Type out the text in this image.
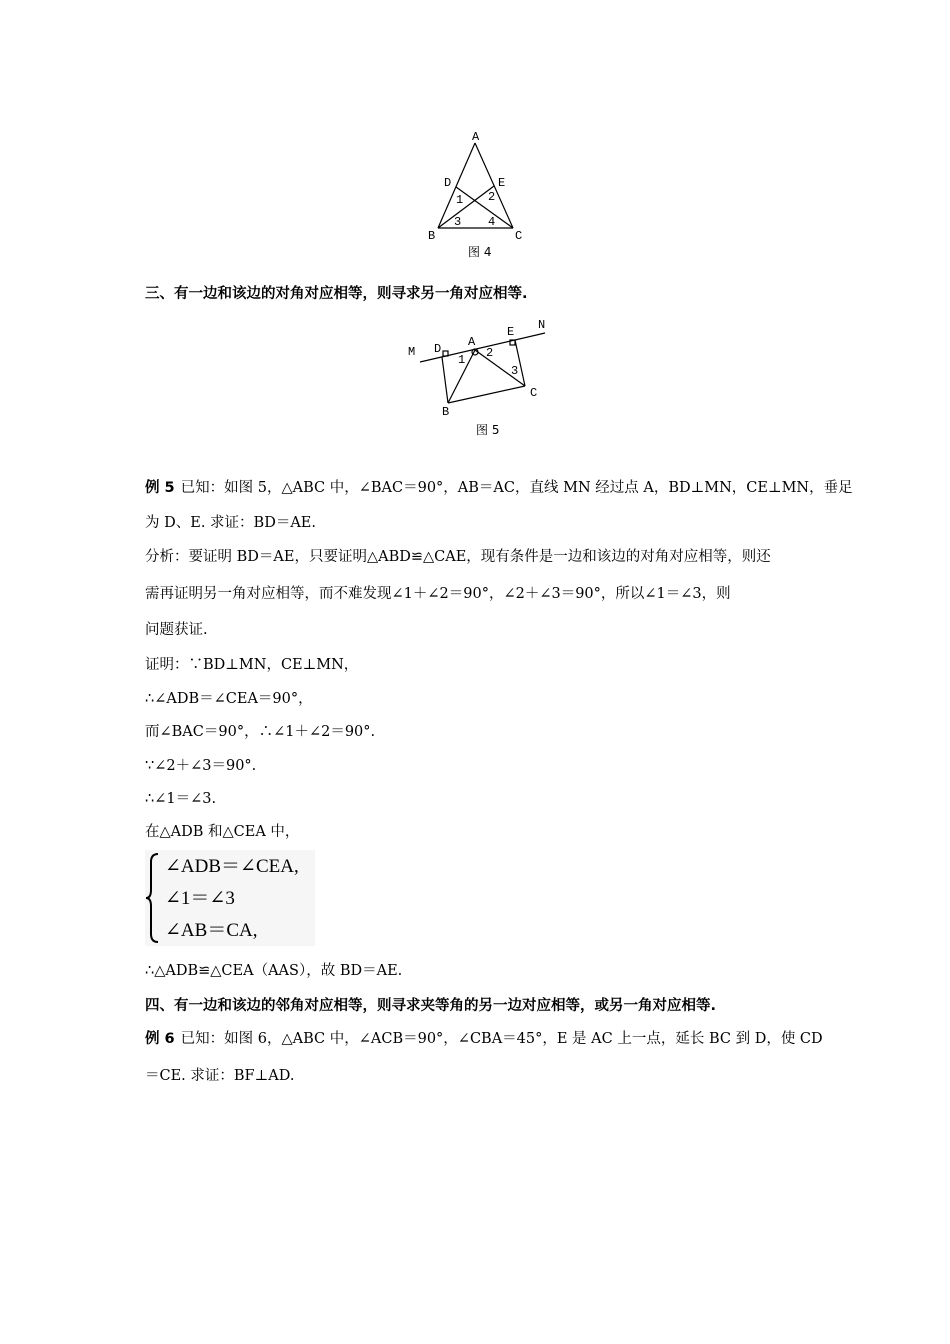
A
D	E
B	C
1 2
3 4
图 4
三、有一边和该边的对角对应相等，则寻求另一角对应相等.
M D A
E N
1 2
3
B
C
图 5
例 5 已知：如图 5，△ABC 中，∠BAC＝90°，AB＝AC，直线 MN 经过点 A，BD⊥MN，CE⊥MN，垂足
为 D、E. 求证：BD＝AE.
分析：要证明 BD＝AE，只要证明△ABD≌△CAE，现有条件是一边和该边的对角对应相等，则还
需再证明另一角对应相等，而不难发现∠1＋∠2＝90°，∠2＋∠3＝90°，所以∠1＝∠3，则
问题获证.
证明：∵BD⊥MN，CE⊥MN，
∴∠ADB＝∠CEA＝90°，
而∠BAC＝90°，∴∠1＋∠2＝90°.
∵∠2＋∠3＝90°.
∴∠1＝∠3.
在△ADB 和△CEA 中，
∠ADB＝∠CEA,
∠1＝∠3
∠AB＝CA,
∴△ADB≌△CEA（AAS），故 BD＝AE.
四、有一边和该边的邻角对应相等，则寻求夹等角的另一边对应相等，或另一角对应相等.
例 6 已知：如图 6，△ABC 中，∠ACB＝90°，∠CBA＝45°，E 是 AC 上一点，延长 BC 到 D，使 CD
＝CE. 求证：BF⊥AD.
